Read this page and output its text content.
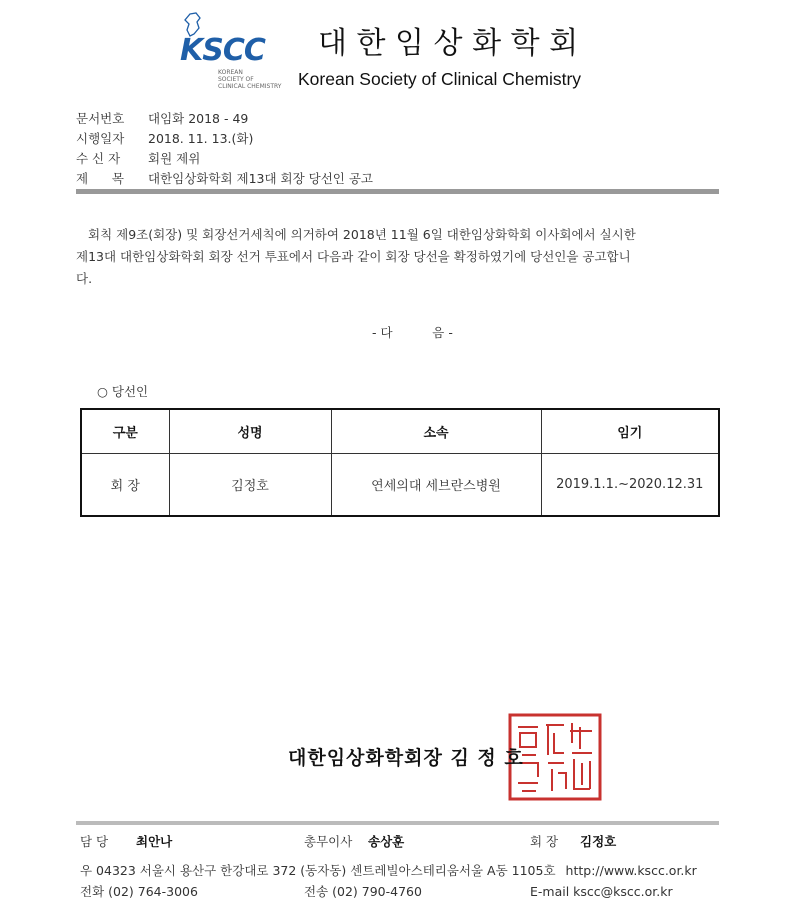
KSCC
KOREAN
SOCIETY OF
CLINICAL CHEMISTRY
대 한 임 상 화 학 회
Korean Society of Clinical Chemistry
문서번호 대임화 2018 - 49
시행일자 2018. 11. 13.(화)
수 신 자 회원 제위
제      목 대한임상화학회 제13대 회장 당선인 공고
회칙 제9조(회장) 및 회장선거세칙에 의거하여 2018년 11월 6일 대한임상화학회 이사회에서 실시한
제13대 대한임상화학회 회장 선거 투표에서 다음과 같이 회장 당선을 확정하였기에 당선인을 공고합니
다.
- 다          음 -
○ 당선인
구분	성명	소속	임기
회 장	김정호	연세의대 세브란스병원	2019.1.1.~2020.12.31
대한임상화학회장 김 정 호
담 당 최안나	총무이사 송상훈	회 장 김정호
우 04323 서울시 용산구 한강대로 372 (동자동) 센트레빌아스테리움서울 A동 1105호 http://www.kscc.or.kr
전화 (02) 764-3006	전송 (02) 790-4760	E-mail kscc@kscc.or.kr
